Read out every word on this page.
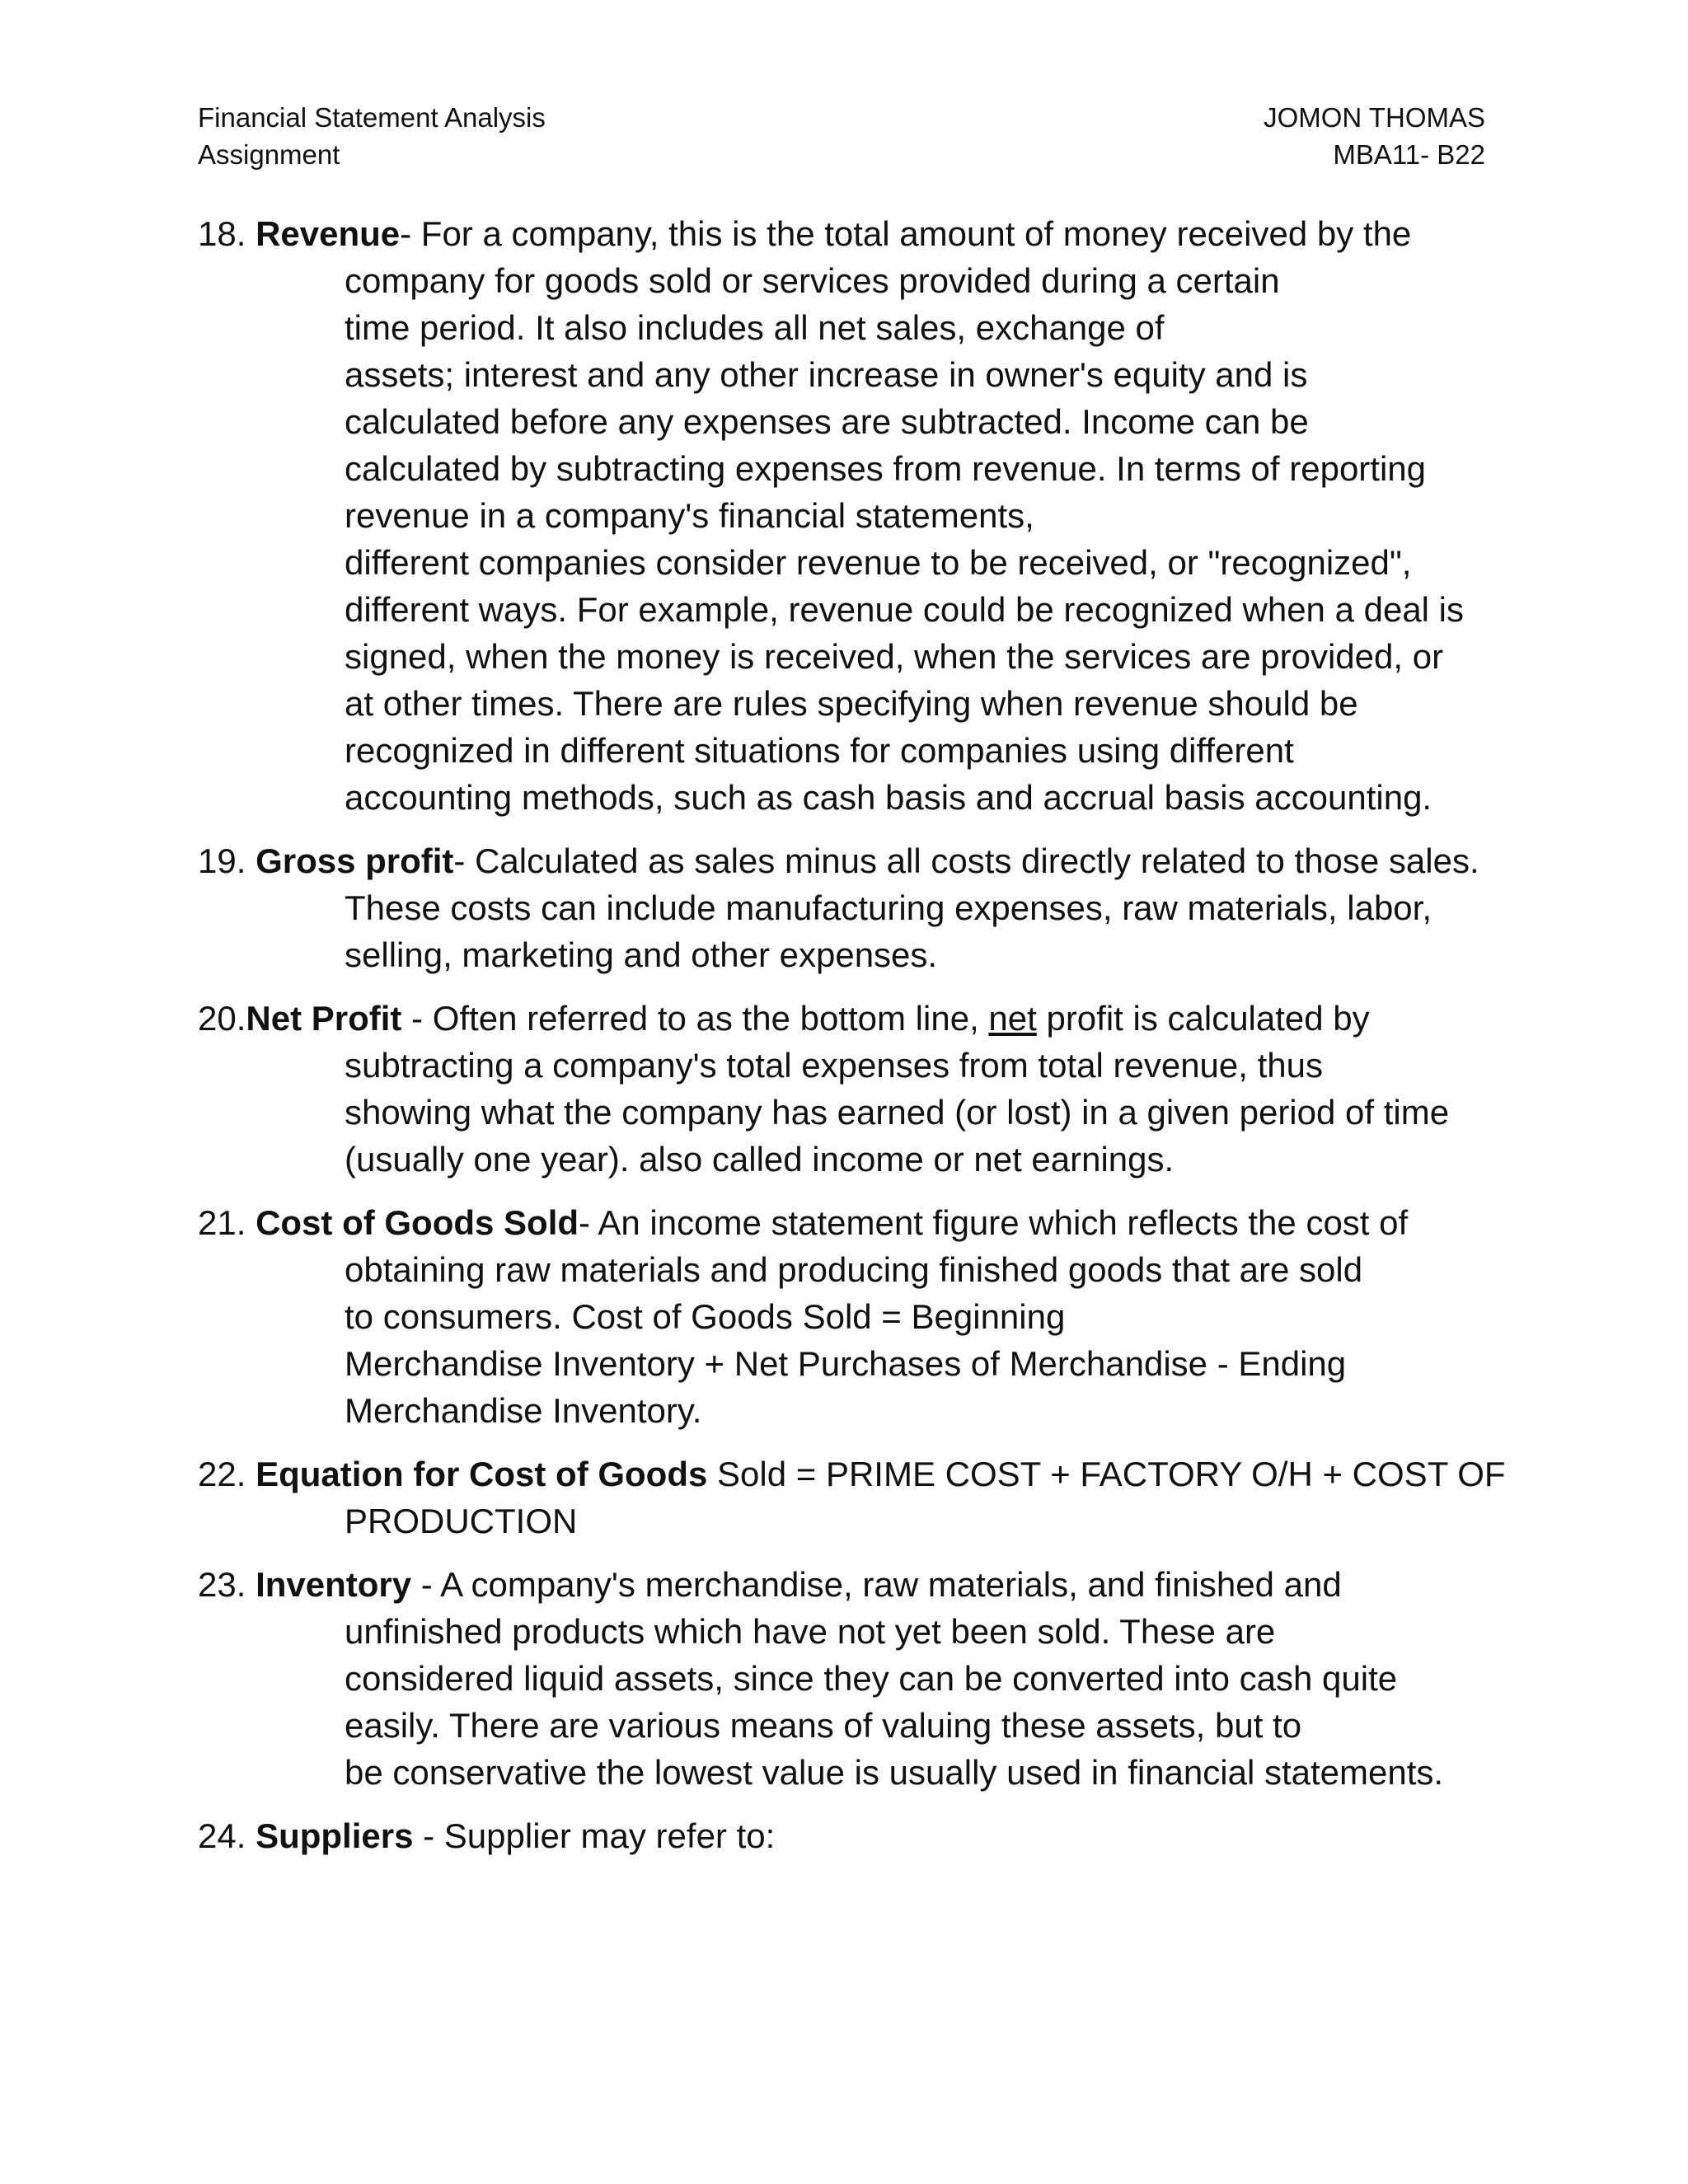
Financial Statement Analysis
Assignment
JOMON THOMAS
MBA11- B22
18. Revenue- For a company, this is the total amount of money received by the
company for goods sold or services provided during a certain
time period. It also includes all net sales, exchange of
assets; interest and any other increase in owner's equity and is
calculated before any expenses are subtracted. Income can be
calculated by subtracting expenses from revenue. In terms of reporting
revenue in a company's financial statements,
different companies consider revenue to be received, or "recognized",
different ways. For example, revenue could be recognized when a deal is
signed, when the money is received, when the services are provided, or
at other times. There are rules specifying when revenue should be
recognized in different situations for companies using different
accounting methods, such as cash basis and accrual basis accounting.
19. Gross profit- Calculated as sales minus all costs directly related to those sales.
These costs can include manufacturing expenses, raw materials, labor,
selling, marketing and other expenses.
20.Net Profit - Often referred to as the bottom line, net profit is calculated by
subtracting a company's total expenses from total revenue, thus
showing what the company has earned (or lost) in a given period of time
(usually one year). also called income or net earnings.
21. Cost of Goods Sold- An income statement figure which reflects the cost of
obtaining raw materials and producing finished goods that are sold
to consumers. Cost of Goods Sold = Beginning
Merchandise Inventory + Net Purchases of Merchandise - Ending
Merchandise Inventory.
22. Equation for Cost of Goods Sold = PRIME COST + FACTORY O/H + COST OF
PRODUCTION
23. Inventory - A company's merchandise, raw materials, and finished and
unfinished products which have not yet been sold. These are
considered liquid assets, since they can be converted into cash quite
easily. There are various means of valuing these assets, but to
be conservative the lowest value is usually used in financial statements.
24. Suppliers - Supplier may refer to:
